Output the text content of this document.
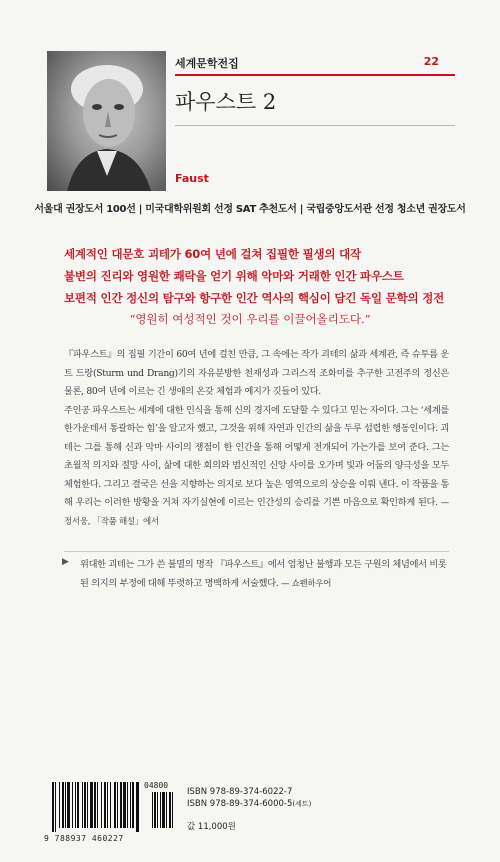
세계문학전집	22
파우스트 2
Faust
서울대 권장도서 100선 | 미국대학위원회 선정 SAT 추천도서 | 국립중앙도서관 선정 청소년 권장도서
세계적인 대문호 괴테가 60여 년에 걸쳐 집필한 필생의 대작
불변의 진리와 영원한 쾌락을 얻기 위해 악마와 거래한 인간 파우스트
보편적 인간 정신의 탐구와 항구한 인간 역사의 핵심이 담긴 독일 문학의 정전
“영원히 여성적인 것이 우리를 이끌어올리도다.”

『파우스트』의 집필 기간이 60여 년에 걸친 만큼, 그 속에는 작가 괴테의 삶과 세계관, 즉 슈투름 운트 드랑(Sturm und Drang)기의 자유분방한 천재성과 그리스적 조화미를 추구한 고전주의 정신은 물론, 80여 년에 이르는 긴 생애의 온갖 체험과 예지가 깃들어 있다.

주인공 파우스트는 세계에 대한 인식을 통해 신의 경지에 도달할 수 있다고 믿는 자이다. 그는 ‘세계를 한가운데서 통괄하는 힘’을 알고자 했고, 그것을 위해 자연과 인간의 삶을 두루 섭렵한 행동인이다. 괴테는 그를 통해 신과 악마 사이의 쟁점이 한 인간을 통해 어떻게 전개되어 가는가를 보여 준다. 그는 초월적 의지와 절망 사이, 삶에 대한 회의와 범신적인 신앙 사이를 오가며 빛과 어둠의 양극성을 모두 체험한다. 그리고 결국은 선을 지향하는 의지로 보다 높은 영역으로의 상승을 이뤄 낸다. 이 작품을 통해 우리는 이러한 방황을 거쳐 자기실현에 이르는 인간성의 승리를 기쁜 마음으로 확인하게 된다. — 정서웅, 「작품 해설」에서

▶ 위대한 괴테는 그가 쓴 불멸의 명작 『파우스트』에서 엄청난 불행과 모든 구원의 체념에서 비롯된 의지의 부정에 대해 뚜렷하고 명백하게 서술했다. — 쇼펜하우어
04800
9 788937 460227
ISBN 978-89-374-6022-7
ISBN 978-89-374-6000-5(세트)
값 11,000원
